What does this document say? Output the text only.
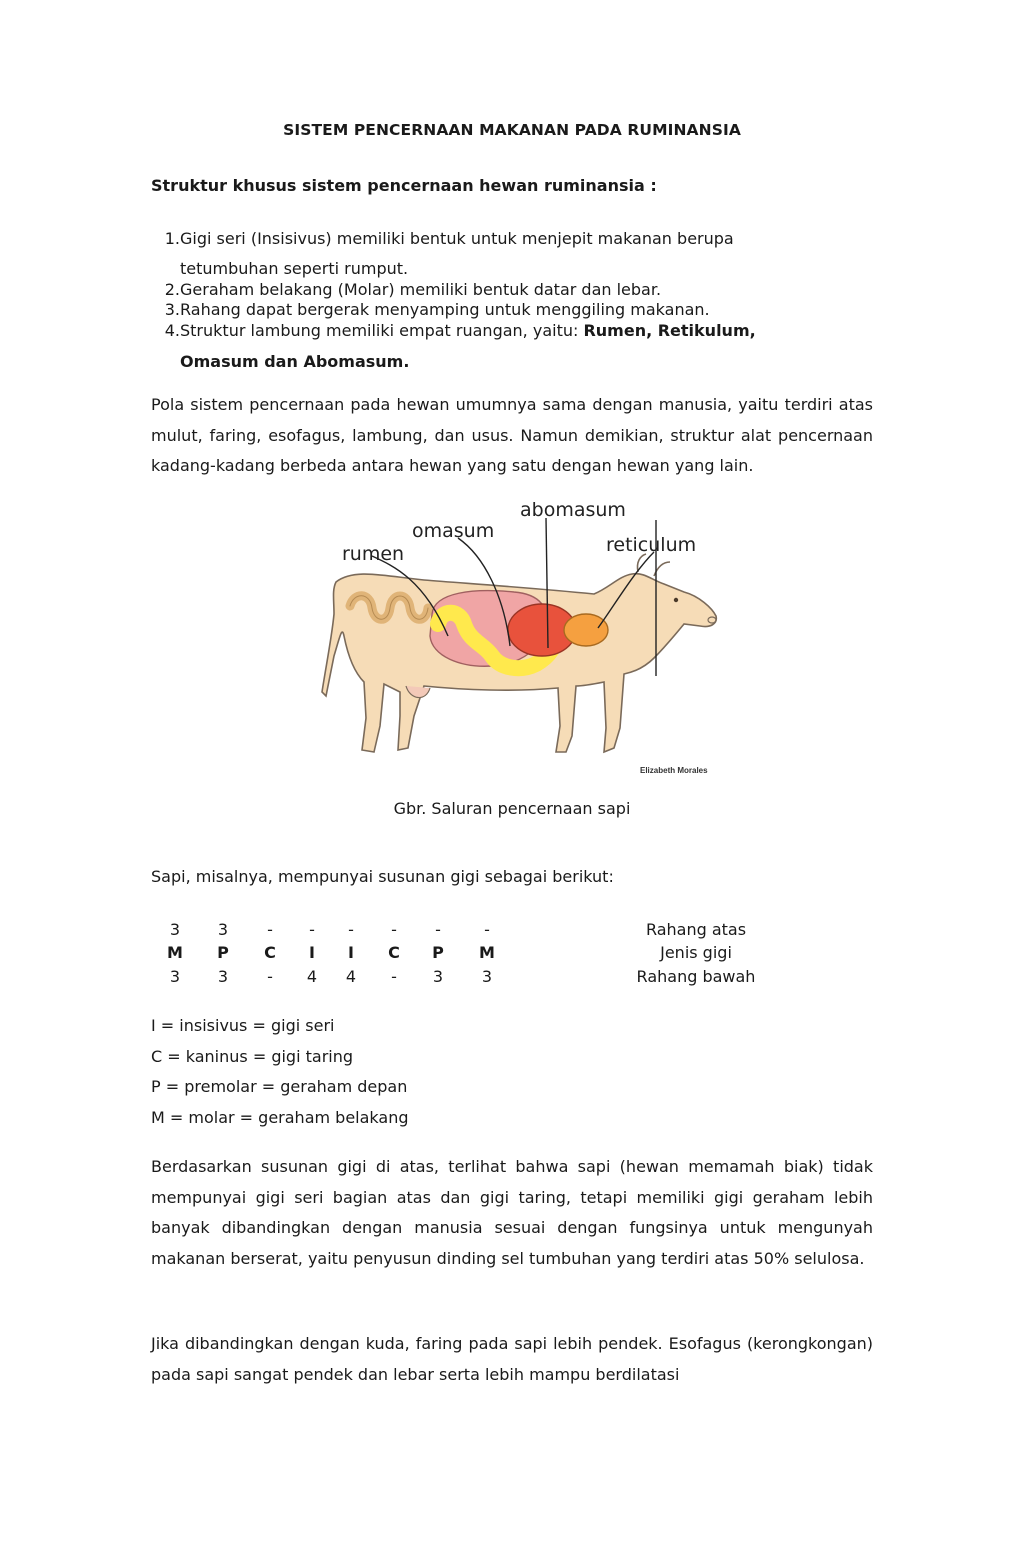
SISTEM PENCERNAAN MAKANAN PADA RUMINANSIA
Struktur khusus sistem pencernaan hewan ruminansia :
1. Gigi seri (Insisivus) memiliki bentuk untuk menjepit makanan berupa
tetumbuhan seperti rumput.
2. Geraham belakang (Molar) memiliki bentuk datar dan lebar.
3. Rahang dapat bergerak menyamping untuk menggiling makanan.
4. Struktur lambung memiliki empat ruangan, yaitu: Rumen, Retikulum,
Omasum dan Abomasum.

Pola sistem pencernaan pada hewan umumnya sama dengan manusia, yaitu terdiri atas mulut, faring, esofagus, lambung, dan usus. Namun demikian, struktur alat pencernaan kadang-kadang berbeda antara hewan yang satu dengan hewan yang lain.

rumen
omasum
abomasum
reticulum
Elizabeth Morales
Gbr. Saluran pencernaan sapi

Sapi, misalnya, mempunyai susunan gigi sebagai berikut:

3	3	-	-	-	-	-	-	Rahang atas
M	P	C	I	I	C	P	M	Jenis gigi
3	3	-	4	4	-	3	3	Rahang bawah
I = insisivus = gigi seri
C = kaninus = gigi taring
P = premolar = geraham depan
M = molar = geraham belakang

Berdasarkan susunan gigi di atas, terlihat bahwa sapi (hewan memamah biak) tidak mempunyai gigi seri bagian atas dan gigi taring, tetapi memiliki gigi geraham lebih banyak dibandingkan dengan manusia sesuai dengan fungsinya untuk mengunyah makanan berserat, yaitu penyusun dinding sel tumbuhan yang terdiri atas 50% selulosa.

Jika dibandingkan dengan kuda, faring pada sapi lebih pendek. Esofagus (kerongkongan) pada sapi sangat pendek dan lebar serta lebih mampu berdilatasi
